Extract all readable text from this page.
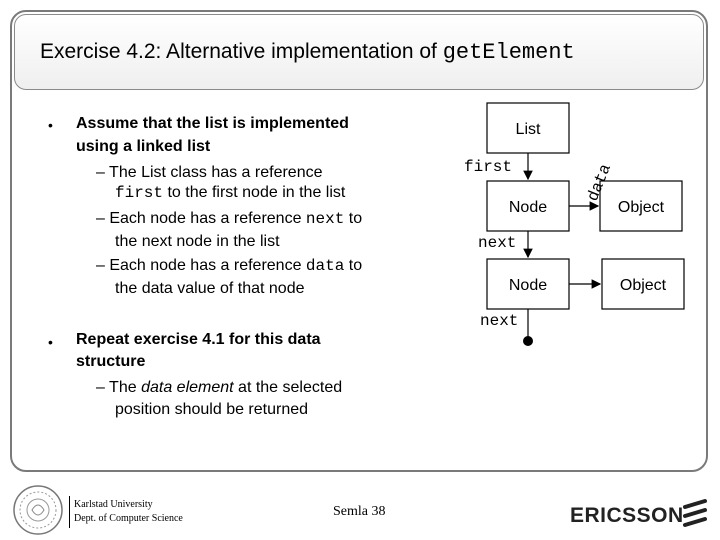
Exercise 4.2: Alternative implementation of getElement
• Assume that the list is implemented
using a linked list
– The List class has a reference
first to the first node in the list
– Each node has a reference next to
the next node in the list
– Each node has a reference data to
the data value of that node
• Repeat exercise 4.1 for this data
structure
– The data element at the selected
position should be returned
List
first
Node
data
Object
next
Node	Object
next
Karlstad University
Dept. of Computer Science	Semla 38	ERICSSON
